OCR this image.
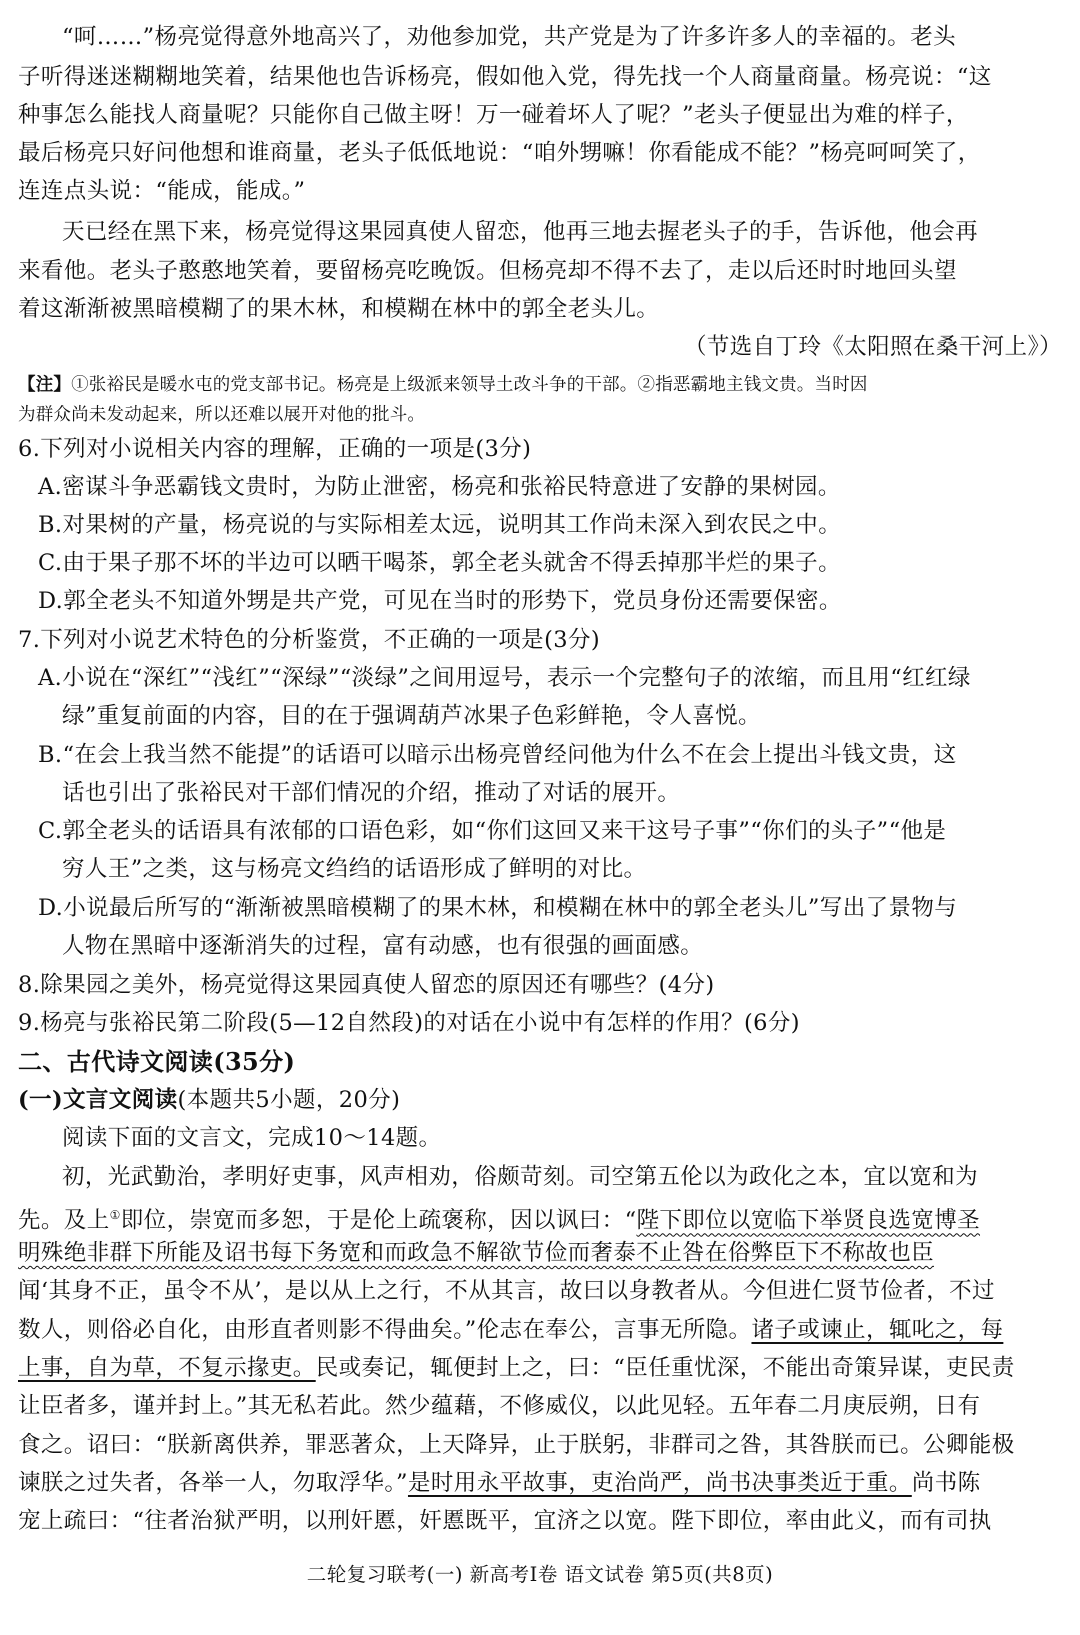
“呵……”杨亮觉得意外地高兴了，劝他参加党，共产党是为了许多许多人的幸福的。老头
子听得迷迷糊糊地笑着，结果他也告诉杨亮，假如他入党，得先找一个人商量商量。杨亮说：“这
种事怎么能找人商量呢？只能你自己做主呀！万一碰着坏人了呢？”老头子便显出为难的样子，
最后杨亮只好问他想和谁商量，老头子低低地说：“咱外甥嘛！你看能成不能？”杨亮呵呵笑了，
连连点头说：“能成，能成。”
天已经在黑下来，杨亮觉得这果园真使人留恋，他再三地去握老头子的手，告诉他，他会再
来看他。老头子憨憨地笑着，要留杨亮吃晚饭。但杨亮却不得不去了，走以后还时时地回头望
着这渐渐被黑暗模糊了的果木林，和模糊在林中的郭全老头儿。
（节选自丁玲《太阳照在桑干河上》）
【注】①张裕民是暖水屯的党支部书记。杨亮是上级派来领导土改斗争的干部。②指恶霸地主钱文贵。当时因
为群众尚未发动起来，所以还难以展开对他的批斗。
6.下列对小说相关内容的理解，正确的一项是(3分)
A.密谋斗争恶霸钱文贵时，为防止泄密，杨亮和张裕民特意进了安静的果树园。
B.对果树的产量，杨亮说的与实际相差太远，说明其工作尚未深入到农民之中。
C.由于果子那不坏的半边可以晒干喝茶，郭全老头就舍不得丢掉那半烂的果子。
D.郭全老头不知道外甥是共产党，可见在当时的形势下，党员身份还需要保密。
7.下列对小说艺术特色的分析鉴赏，不正确的一项是(3分)
A.小说在“深红”“浅红”“深绿”“淡绿”之间用逗号，表示一个完整句子的浓缩，而且用“红红绿
绿”重复前面的内容，目的在于强调葫芦冰果子色彩鲜艳，令人喜悦。
B.“在会上我当然不能提”的话语可以暗示出杨亮曾经问他为什么不在会上提出斗钱文贵，这
话也引出了张裕民对干部们情况的介绍，推动了对话的展开。
C.郭全老头的话语具有浓郁的口语色彩，如“你们这回又来干这号子事”“你们的头子”“他是
穷人王”之类，这与杨亮文绉绉的话语形成了鲜明的对比。
D.小说最后所写的“渐渐被黑暗模糊了的果木林，和模糊在林中的郭全老头儿”写出了景物与
人物在黑暗中逐渐消失的过程，富有动感，也有很强的画面感。
8.除果园之美外，杨亮觉得这果园真使人留恋的原因还有哪些？(4分)
9.杨亮与张裕民第二阶段(5—12自然段)的对话在小说中有怎样的作用？(6分)
二、古代诗文阅读(35分)
(一)文言文阅读(本题共5小题，20分)
阅读下面的文言文，完成10～14题。
初，光武勤治，孝明好吏事，风声相劝，俗颇苛刻。司空第五伦以为政化之本，宜以宽和为
先。及上①即位，崇宽而多恕，于是伦上疏褒称，因以讽曰：“陛下即位以宽临下举贤良选宽博圣
明殊绝非群下所能及诏书每下务宽和而政急不解欲节俭而奢泰不止咎在俗弊臣下不称故也臣
闻‘其身不正，虽令不从’，是以从上之行，不从其言，故曰以身教者从。今但进仁贤节俭者，不过
数人，则俗必自化，由形直者则影不得曲矣。”伦志在奉公，言事无所隐。诸子或谏止，辄叱之，每
上事，自为草，不复示掾吏。民或奏记，辄便封上之，曰：“臣任重忧深，不能出奇策异谋，吏民责
让臣者多，谨并封上。”其无私若此。然少蕴藉，不修威仪，以此见轻。五年春二月庚辰朔，日有
食之。诏曰：“朕新离供养，罪恶著众，上天降异，止于朕躬，非群司之咎，其咎朕而已。公卿能极
谏朕之过失者，各举一人，勿取浮华。”是时用永平故事，吏治尚严，尚书决事类近于重。尚书陈
宠上疏曰：“往者治狱严明，以刑奸慝，奸慝既平，宜济之以宽。陛下即位，率由此义，而有司执
二轮复习联考(一) 新高考Ⅰ卷 语文试卷 第5页(共8页)
